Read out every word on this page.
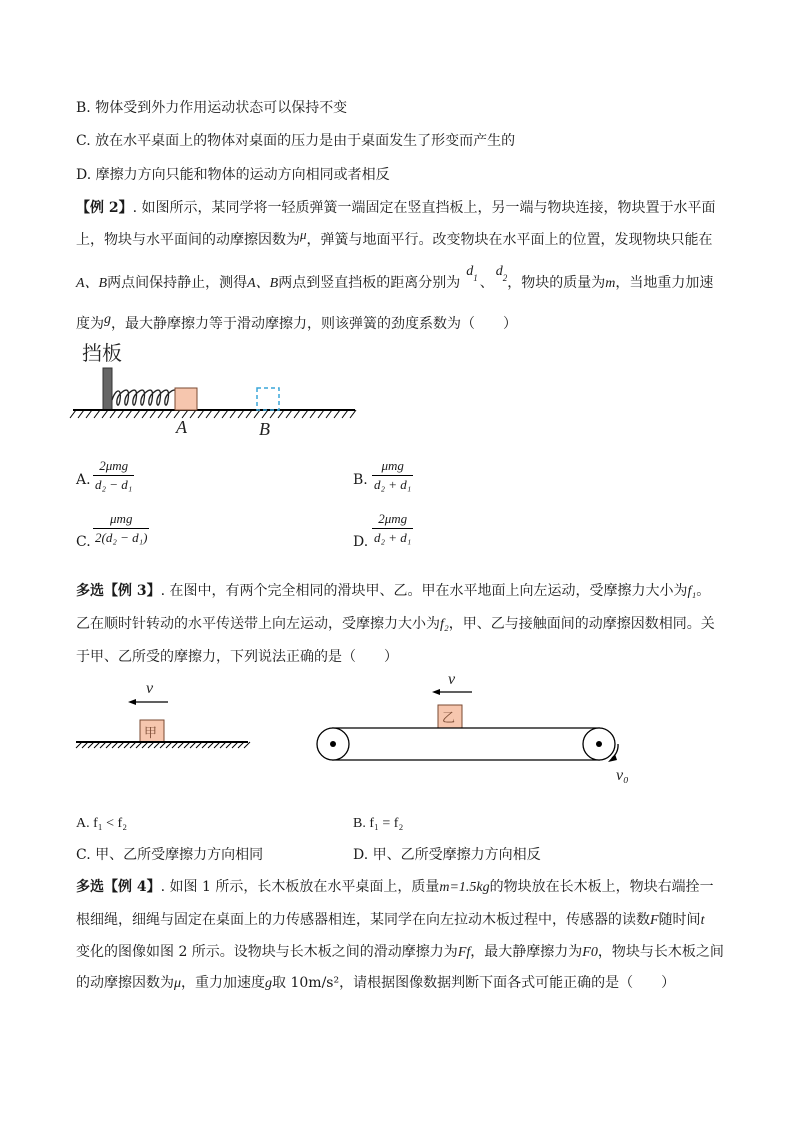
B. 物体受到外力作用运动状态可以保持不变
C. 放在水平桌面上的物体对桌面的压力是由于桌面发生了形变而产生的
D. 摩擦力方向只能和物体的运动方向相同或者相反
【例 2】. 如图所示，某同学将一轻质弹簧一端固定在竖直挡板上，另一端与物块连接，物块置于水平面
上，物块与水平面间的动摩擦因数为μ，弹簧与地面平行。改变物块在水平面上的位置，发现物块只能在
A、B两点间保持静止，测得A、B两点到竖直挡板的距离分别为$d_1$ 、$d_2$，物块的质量为m，当地重力加速
度为g，最大静摩擦力等于滑动摩擦力，则该弹簧的劲度系数为（　　）
挡板
A	B
A.
2μmg
d₂ − d₁	B.
μmg
d₂ + d₁
C.
μmg
2(d₂ − d₁)	D.
2μmg
d₂ + d₁
多选【例 3】. 在图中，有两个完全相同的滑块甲、乙。甲在水平地面上向左运动，受摩擦力大小为f₁。
乙在顺时针转动的水平传送带上向左运动，受摩擦力大小为f₂，甲、乙与接触面间的动摩擦因数相同。关
于甲、乙所受的摩擦力，下列说法正确的是（　　）
v
甲
v
乙
v₀
A. f₁ < f₂	B. f₁ = f₂
C. 甲、乙所受摩擦力方向相同	D. 甲、乙所受摩擦力方向相反
多选【例 4】. 如图 1 所示，长木板放在水平桌面上，质量m=1.5kg的物块放在长木板上，物块右端拴一
根细绳，细绳与固定在桌面上的力传感器相连，某同学在向左拉动木板过程中，传感器的读数F随时间t
变化的图像如图 2 所示。设物块与长木板之间的滑动摩擦力为Ff，最大静摩擦力为F0，物块与长木板之间
的动摩擦因数为μ，重力加速度g取 10m/s²，请根据图像数据判断下面各式可能正确的是（　　）
